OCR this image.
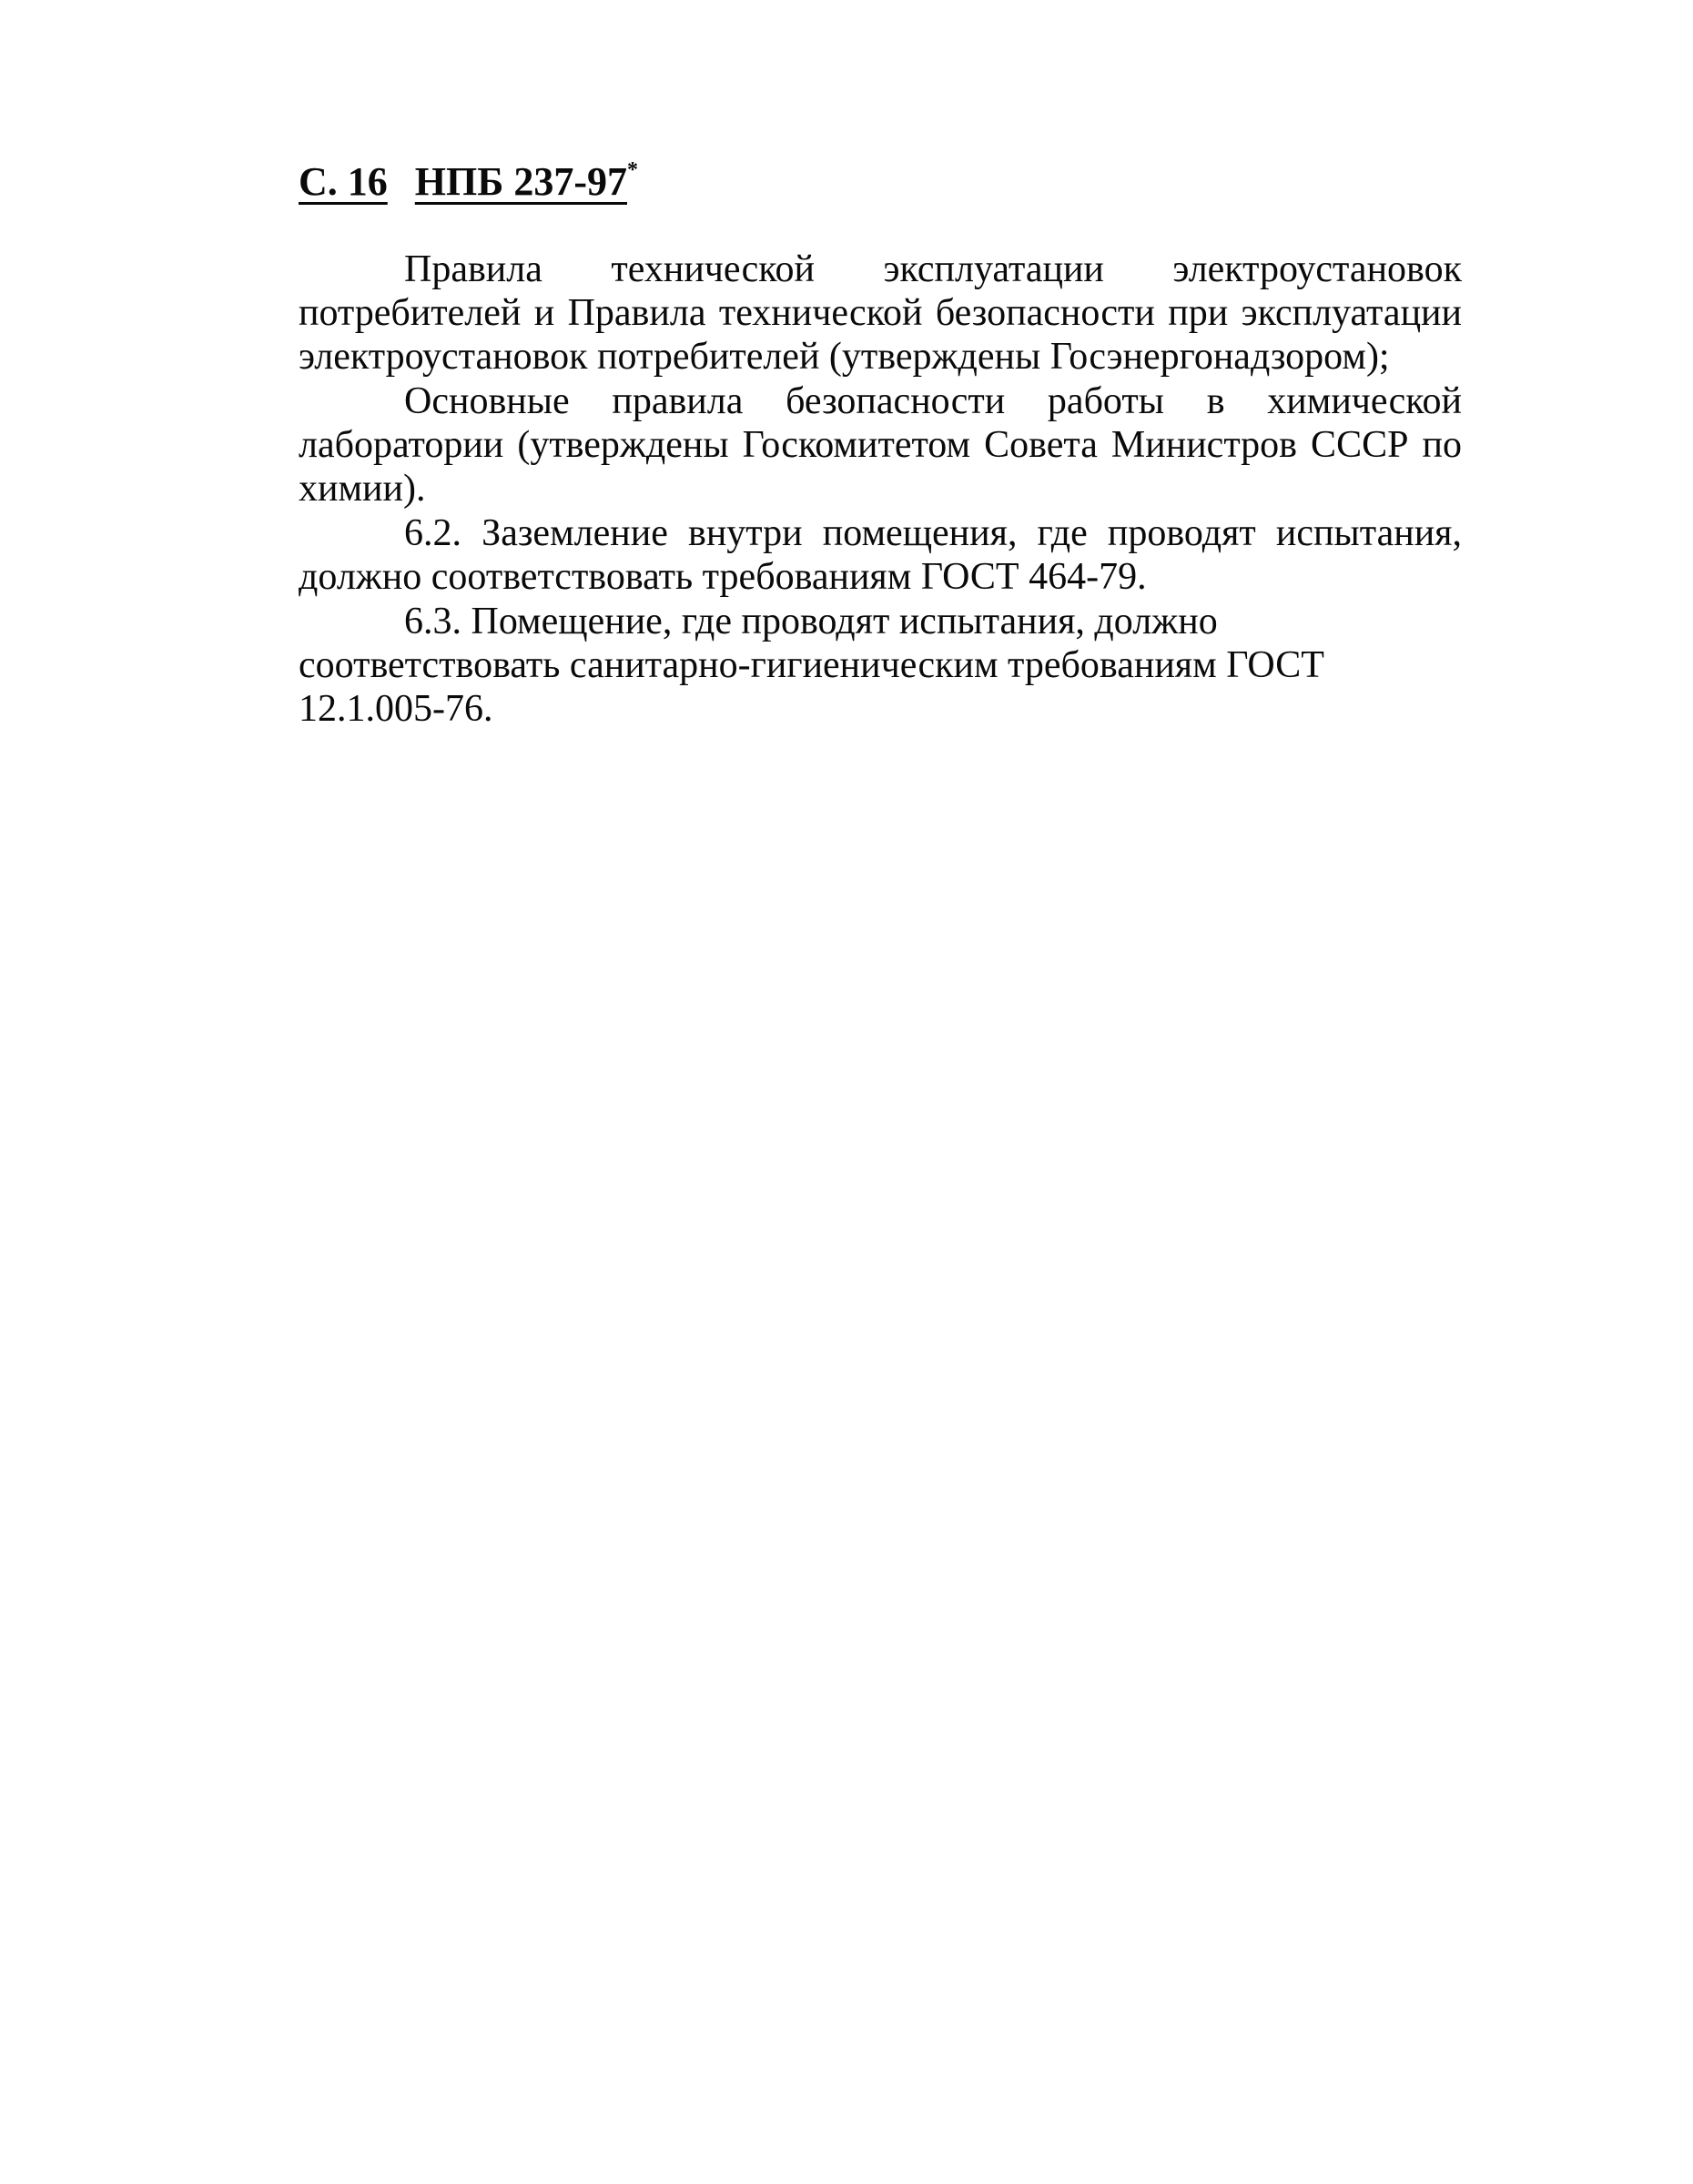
С. 16 НПБ 237-97*

Правила технической эксплуатации электроустановок потребителей и Правила технической безопасности при эксплуатации электроустановок потребителей (утверждены Госэнергонадзором);

Основные правила безопасности работы в химической лаборатории (утверждены Госкомитетом Совета Министров СССР по химии).

6.2. Заземление внутри помещения, где проводят испытания, должно соответствовать требованиям ГОСТ 464-79.

6.3. Помещение, где проводят испытания, должно соответствовать санитарно-гигиеническим требованиям ГОСТ 12.1.005-76.
